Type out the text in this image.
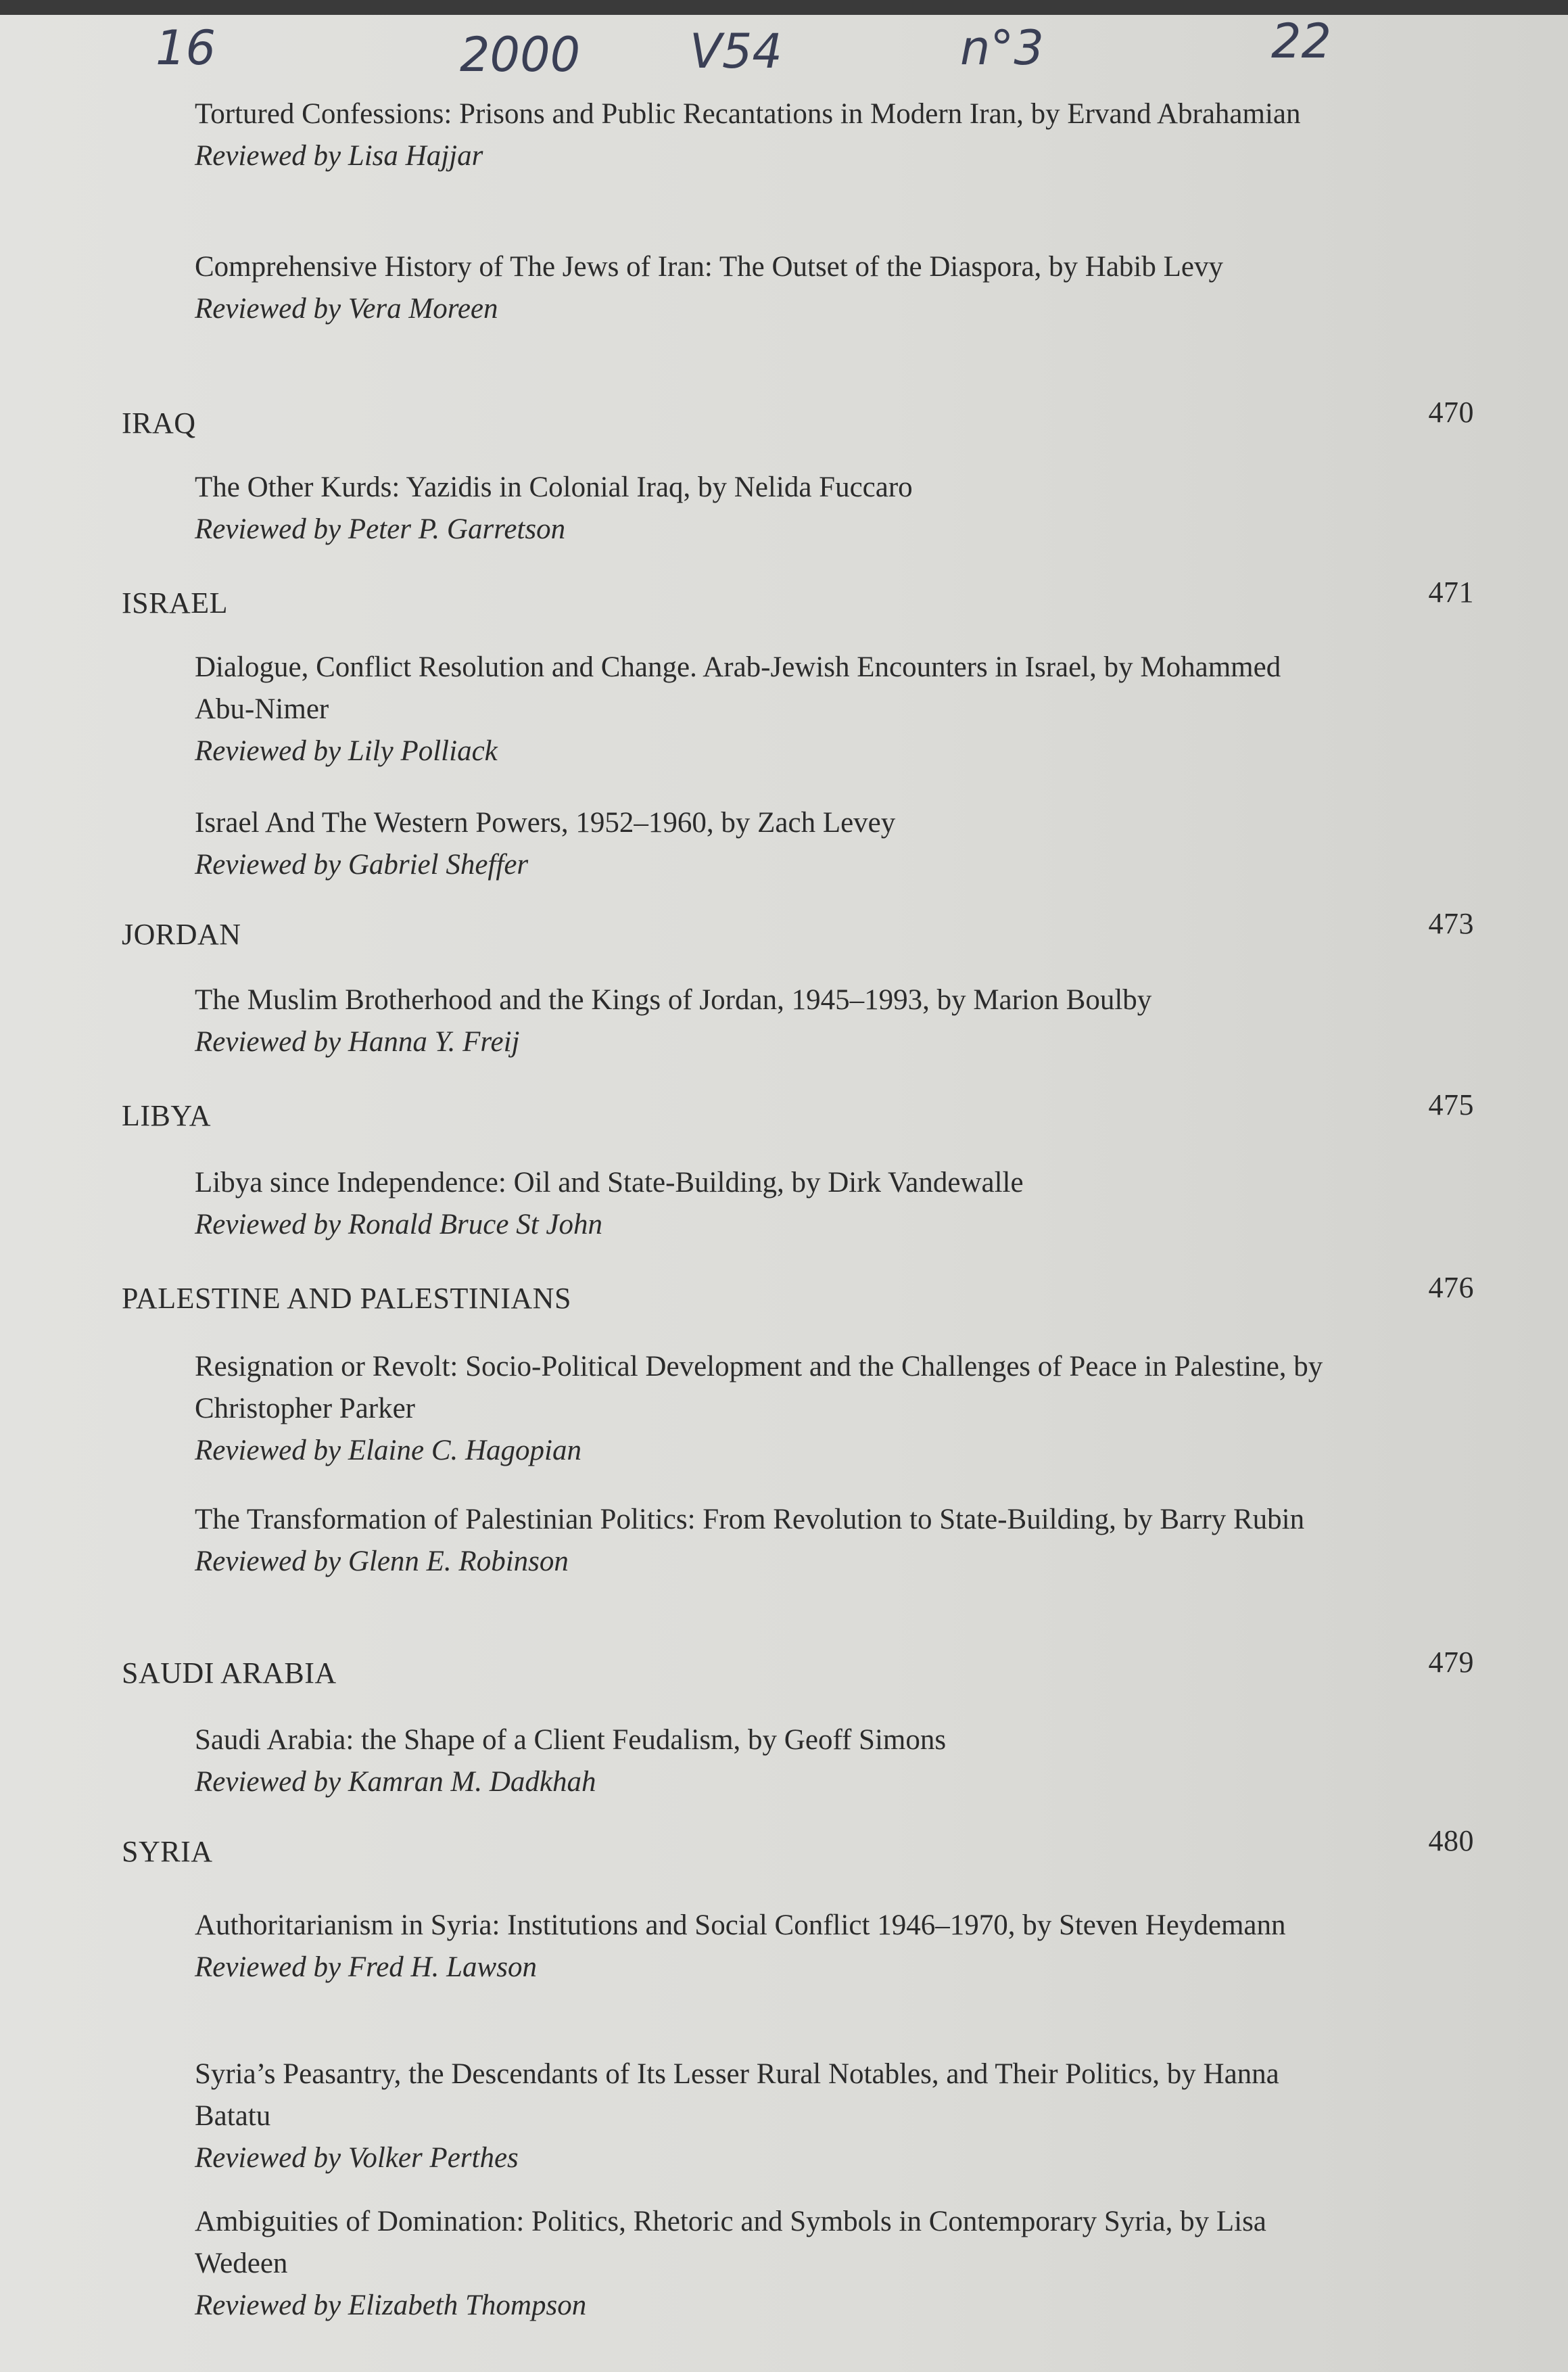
16	2000 V54	n°3	22
Tortured Confessions: Prisons and Public Recantations in Modern Iran, by Ervand Abrahamian
Reviewed by Lisa Hajjar
Comprehensive History of The Jews of Iran: The Outset of the Diaspora, by Habib Levy
Reviewed by Vera Moreen
IRAQ	470
The Other Kurds: Yazidis in Colonial Iraq, by Nelida Fuccaro
Reviewed by Peter P. Garretson
ISRAEL	471
Dialogue, Conflict Resolution and Change. Arab-Jewish Encounters in Israel, by Mohammed Abu-Nimer
Reviewed by Lily Polliack
Israel And The Western Powers, 1952–1960, by Zach Levey
Reviewed by Gabriel Sheffer
JORDAN	473
The Muslim Brotherhood and the Kings of Jordan, 1945–1993, by Marion Boulby
Reviewed by Hanna Y. Freij
LIBYA	475
Libya since Independence: Oil and State-Building, by Dirk Vandewalle
Reviewed by Ronald Bruce St John
PALESTINE AND PALESTINIANS	476
Resignation or Revolt: Socio-Political Development and the Challenges of Peace in Palestine, by Christopher Parker
Reviewed by Elaine C. Hagopian
The Transformation of Palestinian Politics: From Revolution to State-Building, by Barry Rubin
Reviewed by Glenn E. Robinson
SAUDI ARABIA	479
Saudi Arabia: the Shape of a Client Feudalism, by Geoff Simons
Reviewed by Kamran M. Dadkhah
SYRIA	480
Authoritarianism in Syria: Institutions and Social Conflict 1946–1970, by Steven Heydemann
Reviewed by Fred H. Lawson
Syria’s Peasantry, the Descendants of Its Lesser Rural Notables, and Their Politics, by Hanna Batatu
Reviewed by Volker Perthes
Ambiguities of Domination: Politics, Rhetoric and Symbols in Contemporary Syria, by Lisa Wedeen
Reviewed by Elizabeth Thompson
